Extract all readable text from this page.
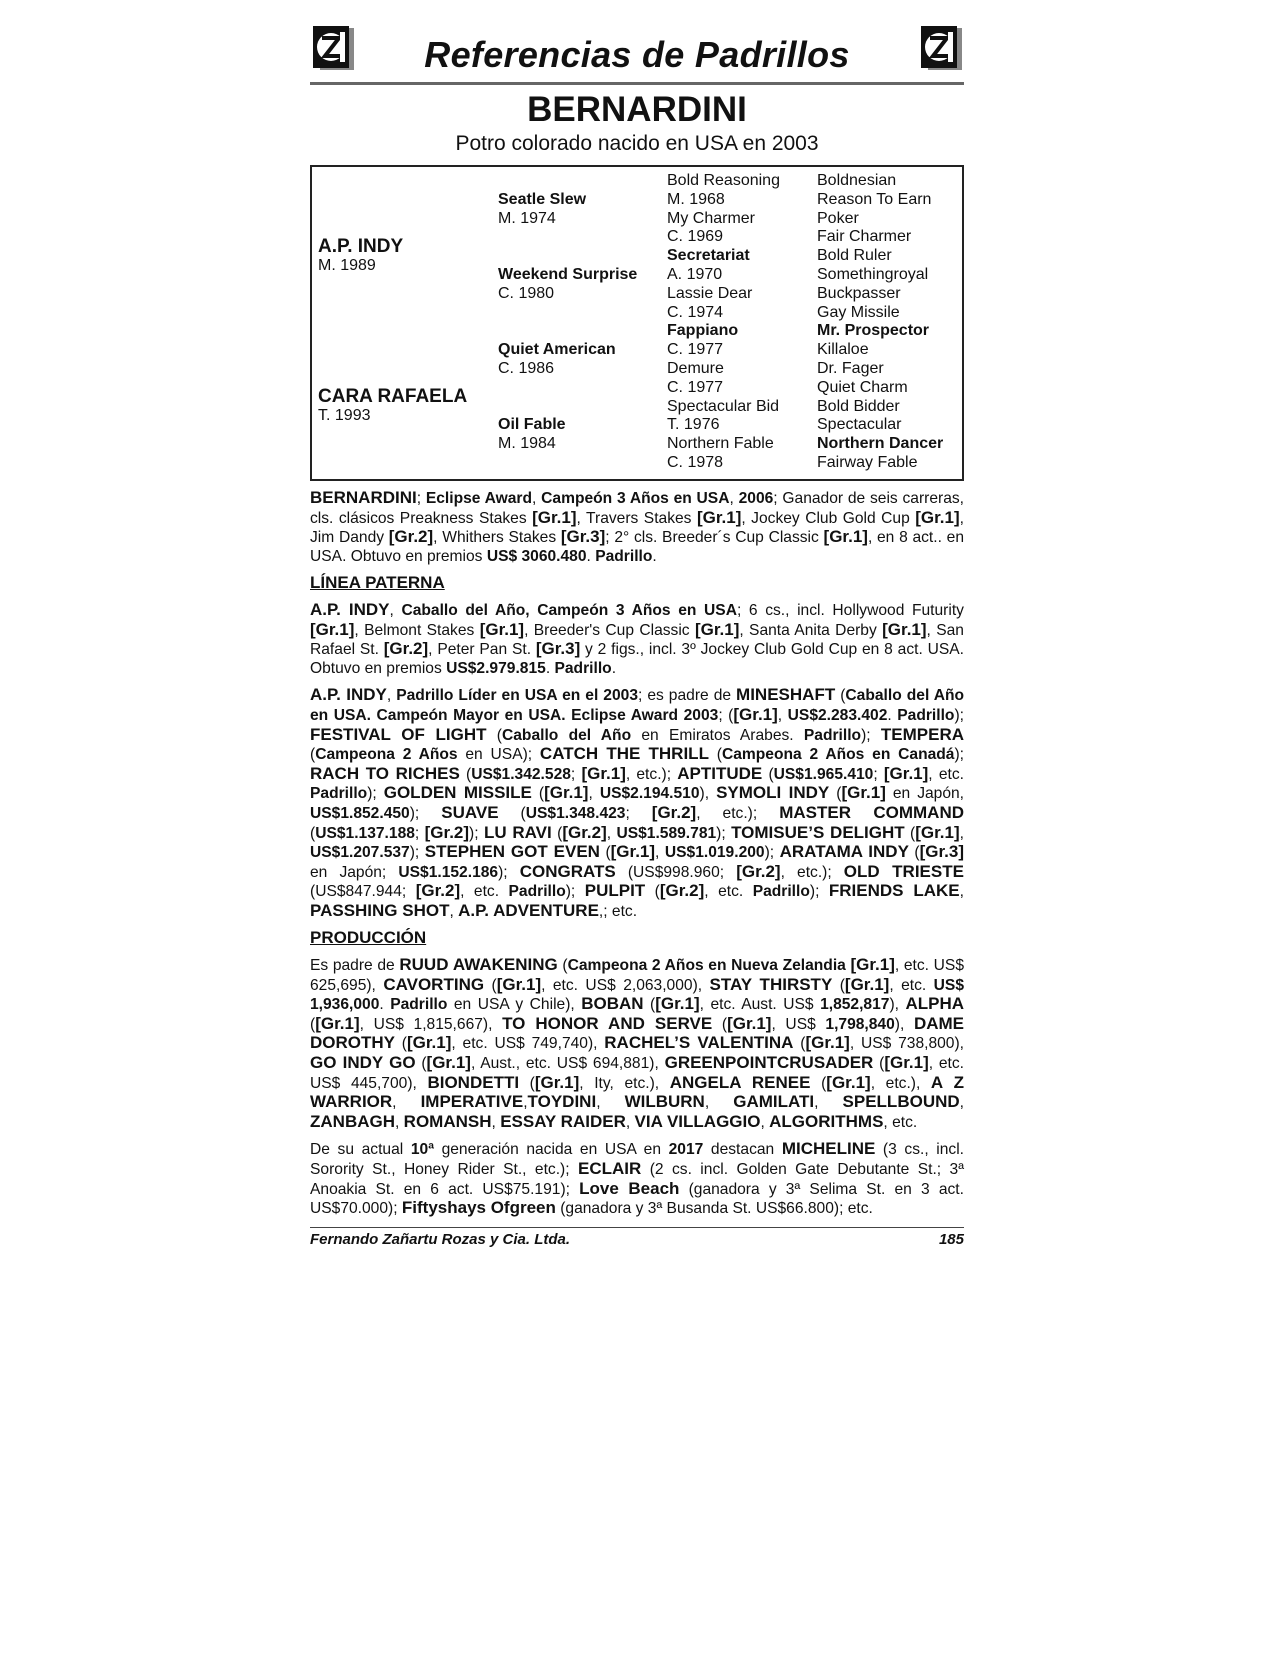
Referencias de Padrillos
BERNARDINI
Potro colorado nacido en USA en 2003
A.P. INDY
M. 1989
CARA RAFAELA
T. 1993
Seatle Slew
M. 1974
Weekend Surprise
C. 1980
Quiet American
C. 1986
Oil Fable
M. 1984
Bold Reasoning
M. 1968
My Charmer
C. 1969
Secretariat
A. 1970
Lassie Dear
C. 1974
Fappiano
C. 1977
Demure
C. 1977
Spectacular Bid
T. 1976
Northern Fable
C. 1978
Boldnesian
Reason To Earn
Poker
Fair Charmer
Bold Ruler
Somethingroyal
Buckpasser
Gay Missile
Mr. Prospector
Killaloe
Dr. Fager
Quiet Charm
Bold Bidder
Spectacular
Northern Dancer
Fairway Fable

BERNARDINI; Eclipse Award, Campeón 3 Años en USA, 2006; Ganador de seis carreras, cls. clásicos Preakness Stakes [Gr.1], Travers Stakes [Gr.1], Jockey Club Gold Cup [Gr.1], Jim Dandy [Gr.2], Whithers Stakes [Gr.3]; 2° cls. Breeder´s Cup Classic [Gr.1], en 8 act.. en USA. Obtuvo en premios US$ 3060.480. Padrillo.

LÍNEA PATERNA

A.P. INDY, Caballo del Año, Campeón 3 Años en USA; 6 cs., incl. Hollywood Futurity [Gr.1], Belmont Stakes [Gr.1], Breeder's Cup Classic [Gr.1], Santa Anita Derby [Gr.1], San Rafael St. [Gr.2], Peter Pan St. [Gr.3] y 2 figs., incl. 3º Jockey Club Gold Cup en 8 act. USA. Obtuvo en premios US$2.979.815. Padrillo.

A.P. INDY, Padrillo Líder en USA en el 2003; es padre de MINESHAFT (Caballo del Año en USA. Campeón Mayor en USA. Eclipse Award 2003; ([Gr.1], US$2.283.402. Padrillo); FESTIVAL OF LIGHT (Caballo del Año en Emiratos Arabes. Padrillo); TEMPERA (Campeona 2 Años en USA); CATCH THE THRILL (Campeona 2 Años en Canadá); RACH TO RICHES (US$1.342.528; [Gr.1], etc.); APTITUDE (US$1.965.410; [Gr.1], etc. Padrillo); GOLDEN MISSILE ([Gr.1], US$2.194.510), SYMOLI INDY ([Gr.1] en Japón, US$1.852.450); SUAVE (US$1.348.423; [Gr.2], etc.); MASTER COMMAND (US$1.137.188; [Gr.2]); LU RAVI ([Gr.2], US$1.589.781); TOMISUE’S DELIGHT ([Gr.1], US$1.207.537); STEPHEN GOT EVEN ([Gr.1], US$1.019.200); ARATAMA INDY ([Gr.3] en Japón; US$1.152.186); CONGRATS (US$998.960; [Gr.2], etc.); OLD TRIESTE (US$847.944; [Gr.2], etc. Padrillo); PULPIT ([Gr.2], etc. Padrillo); FRIENDS LAKE, PASSHING SHOT, A.P. ADVENTURE,; etc.

PRODUCCIÓN

Es padre de RUUD AWAKENING (Campeona 2 Años en Nueva Zelandia [Gr.1], etc. US$ 625,695), CAVORTING ([Gr.1], etc. US$ 2,063,000), STAY THIRSTY ([Gr.1], etc. US$ 1,936,000. Padrillo en USA y Chile), BOBAN ([Gr.1], etc. Aust. US$ 1,852,817), ALPHA ([Gr.1], US$ 1,815,667), TO HONOR AND SERVE ([Gr.1], US$ 1,798,840), DAME DOROTHY ([Gr.1], etc. US$ 749,740), RACHEL’S VALENTINA ([Gr.1], US$ 738,800), GO INDY GO ([Gr.1], Aust., etc. US$ 694,881), GREENPOINTCRUSADER ([Gr.1], etc. US$ 445,700), BIONDETTI ([Gr.1], Ity, etc.), ANGELA RENEE ([Gr.1], etc.), A Z WARRIOR, IMPERATIVE,TOYDINI, WILBURN, GAMILATI, SPELLBOUND, ZANBAGH, ROMANSH, ESSAY RAIDER, VIA VILLAGGIO, ALGORITHMS, etc.

De su actual 10ª generación nacida en USA en 2017 destacan MICHELINE (3 cs., incl. Sorority St., Honey Rider St., etc.); ECLAIR (2 cs. incl. Golden Gate Debutante St.; 3ª Anoakia St. en 6 act. US$75.191); Love Beach (ganadora y 3ª Selima St. en 3 act. US$70.000); Fiftyshays Ofgreen (ganadora y 3ª Busanda St. US$66.800); etc.

Fernando Zañartu Rozas y Cia. Ltda.	185
